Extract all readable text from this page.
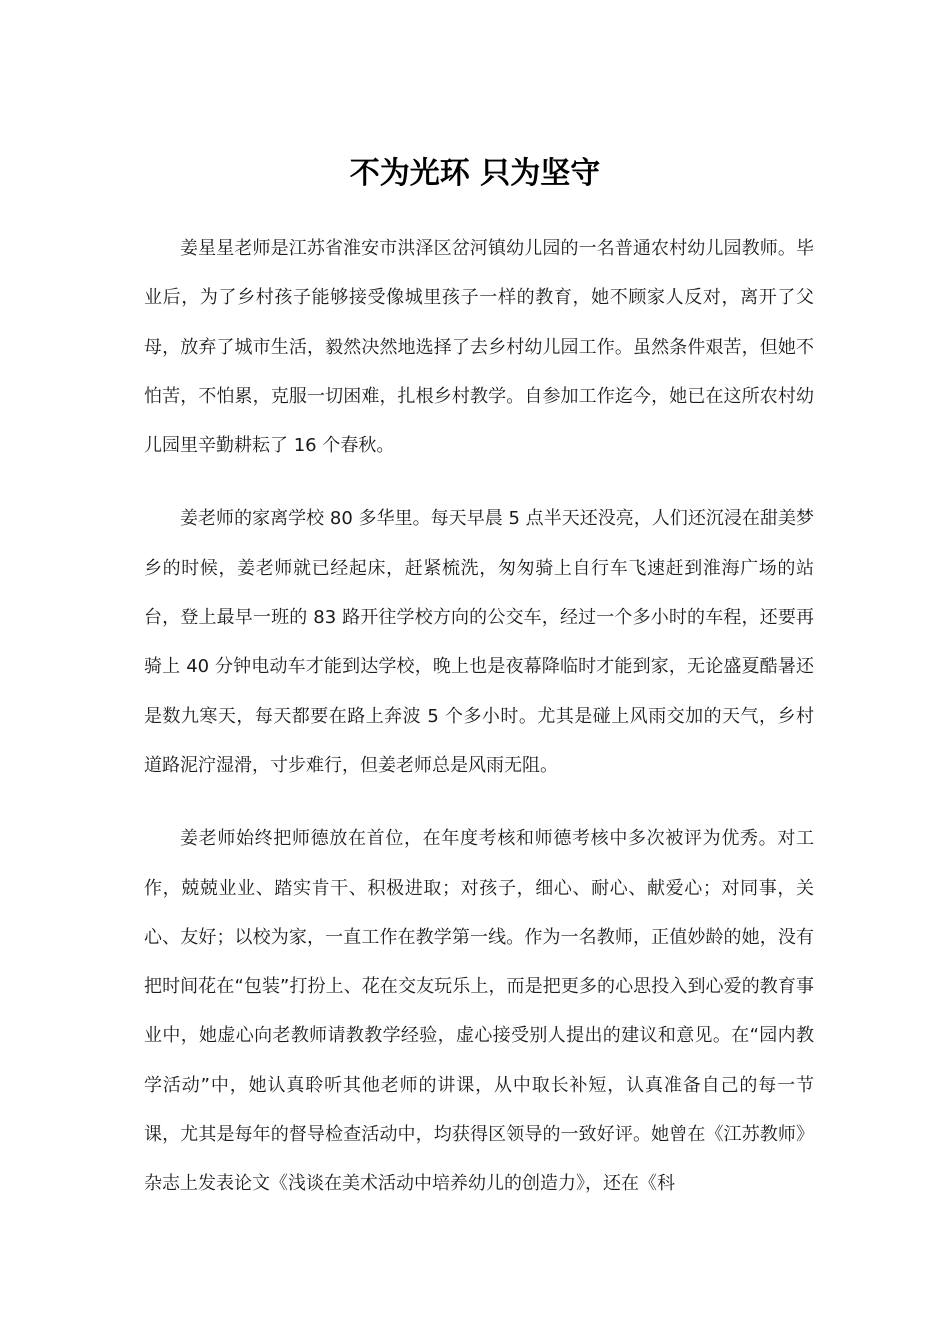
不为光环 只为坚守

姜星星老师是江苏省淮安市洪泽区岔河镇幼儿园的一名普通农村幼儿园教师。毕业后，为了乡村孩子能够接受像城里孩子一样的教育，她不顾家人反对，离开了父母，放弃了城市生活，毅然决然地选择了去乡村幼儿园工作。虽然条件艰苦，但她不怕苦，不怕累，克服一切困难，扎根乡村教学。自参加工作迄今，她已在这所农村幼儿园里辛勤耕耘了 16 个春秋。

姜老师的家离学校 80 多华里。每天早晨 5 点半天还没亮，人们还沉浸在甜美梦乡的时候，姜老师就已经起床，赶紧梳洗，匆匆骑上自行车飞速赶到淮海广场的站台，登上最早一班的 83 路开往学校方向的公交车，经过一个多小时的车程，还要再骑上 40 分钟电动车才能到达学校，晚上也是夜幕降临时才能到家，无论盛夏酷暑还是数九寒天，每天都要在路上奔波 5 个多小时。尤其是碰上风雨交加的天气，乡村道路泥泞湿滑，寸步难行，但姜老师总是风雨无阻。

姜老师始终把师德放在首位，在年度考核和师德考核中多次被评为优秀。对工作，兢兢业业、踏实肯干、积极进取；对孩子，细心、耐心、献爱心；对同事，关心、友好；以校为家，一直工作在教学第一线。作为一名教师，正值妙龄的她，没有把时间花在“包装”打扮上、花在交友玩乐上，而是把更多的心思投入到心爱的教育事业中，她虚心向老教师请教教学经验，虚心接受别人提出的建议和意见。在“园内教学活动”中，她认真聆听其他老师的讲课，从中取长补短，认真准备自己的每一节课，尤其是每年的督导检查活动中，均获得区领导的一致好评。她曾在《江苏教师》杂志上发表论文《浅谈在美术活动中培养幼儿的创造力》，还在《科
